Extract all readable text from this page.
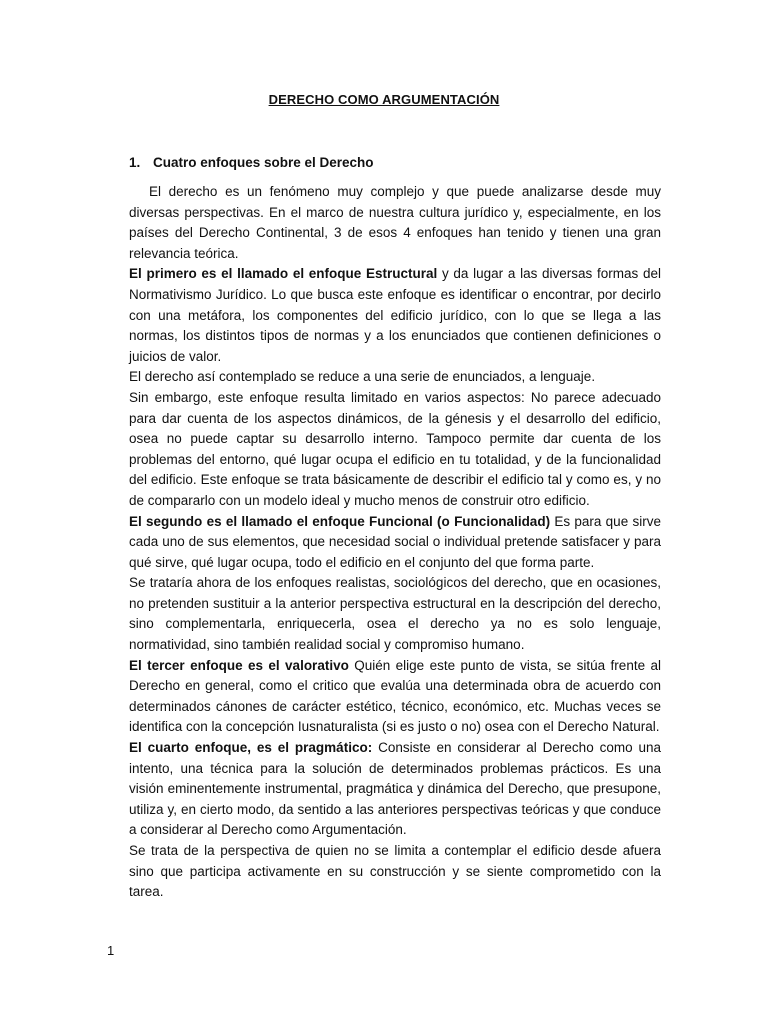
DERECHO COMO ARGUMENTACIÓN
1. Cuatro enfoques sobre el Derecho

El derecho es un fenómeno muy complejo y que puede analizarse desde muy diversas perspectivas. En el marco de nuestra cultura jurídico y, especialmente, en los países del Derecho Continental, 3 de esos 4 enfoques han tenido y tienen una gran relevancia teórica.

El primero es el llamado el enfoque Estructural y da lugar a las diversas formas del Normativismo Jurídico. Lo que busca este enfoque es identificar o encontrar, por decirlo con una metáfora, los componentes del edificio jurídico, con lo que se llega a las normas, los distintos tipos de normas y a los enunciados que contienen definiciones o juicios de valor.

El derecho así contemplado se reduce a una serie de enunciados, a lenguaje.

Sin embargo, este enfoque resulta limitado en varios aspectos: No parece adecuado para dar cuenta de los aspectos dinámicos, de la génesis y el desarrollo del edificio, osea no puede captar su desarrollo interno. Tampoco permite dar cuenta de los problemas del entorno, qué lugar ocupa el edificio en tu totalidad, y de la funcionalidad del edificio. Este enfoque se trata básicamente de describir el edificio tal y como es, y no de compararlo con un modelo ideal y mucho menos de construir otro edificio.

El segundo es el llamado el enfoque Funcional (o Funcionalidad) Es para que sirve cada uno de sus elementos, que necesidad social o individual pretende satisfacer y para qué sirve, qué lugar ocupa, todo el edificio en el conjunto del que forma parte.

Se trataría ahora de los enfoques realistas, sociológicos del derecho, que en ocasiones, no pretenden sustituir a la anterior perspectiva estructural en la descripción del derecho, sino complementarla, enriquecerla, osea el derecho ya no es solo lenguaje, normatividad, sino también realidad social y compromiso humano.

El tercer enfoque es el valorativo Quién elige este punto de vista, se sitúa frente al Derecho en general, como el critico que evalúa una determinada obra de acuerdo con determinados cánones de carácter estético, técnico, económico, etc. Muchas veces se identifica con la concepción Iusnaturalista (si es justo o no) osea con el Derecho Natural.

El cuarto enfoque, es el pragmático: Consiste en considerar al Derecho como una intento, una técnica para la solución de determinados problemas prácticos. Es una visión eminentemente instrumental, pragmática y dinámica del Derecho, que presupone, utiliza y, en cierto modo, da sentido a las anteriores perspectivas teóricas y que conduce a considerar al Derecho como Argumentación.

Se trata de la perspectiva de quien no se limita a contemplar el edificio desde afuera sino que participa activamente en su construcción y se siente comprometido con la tarea.

1
